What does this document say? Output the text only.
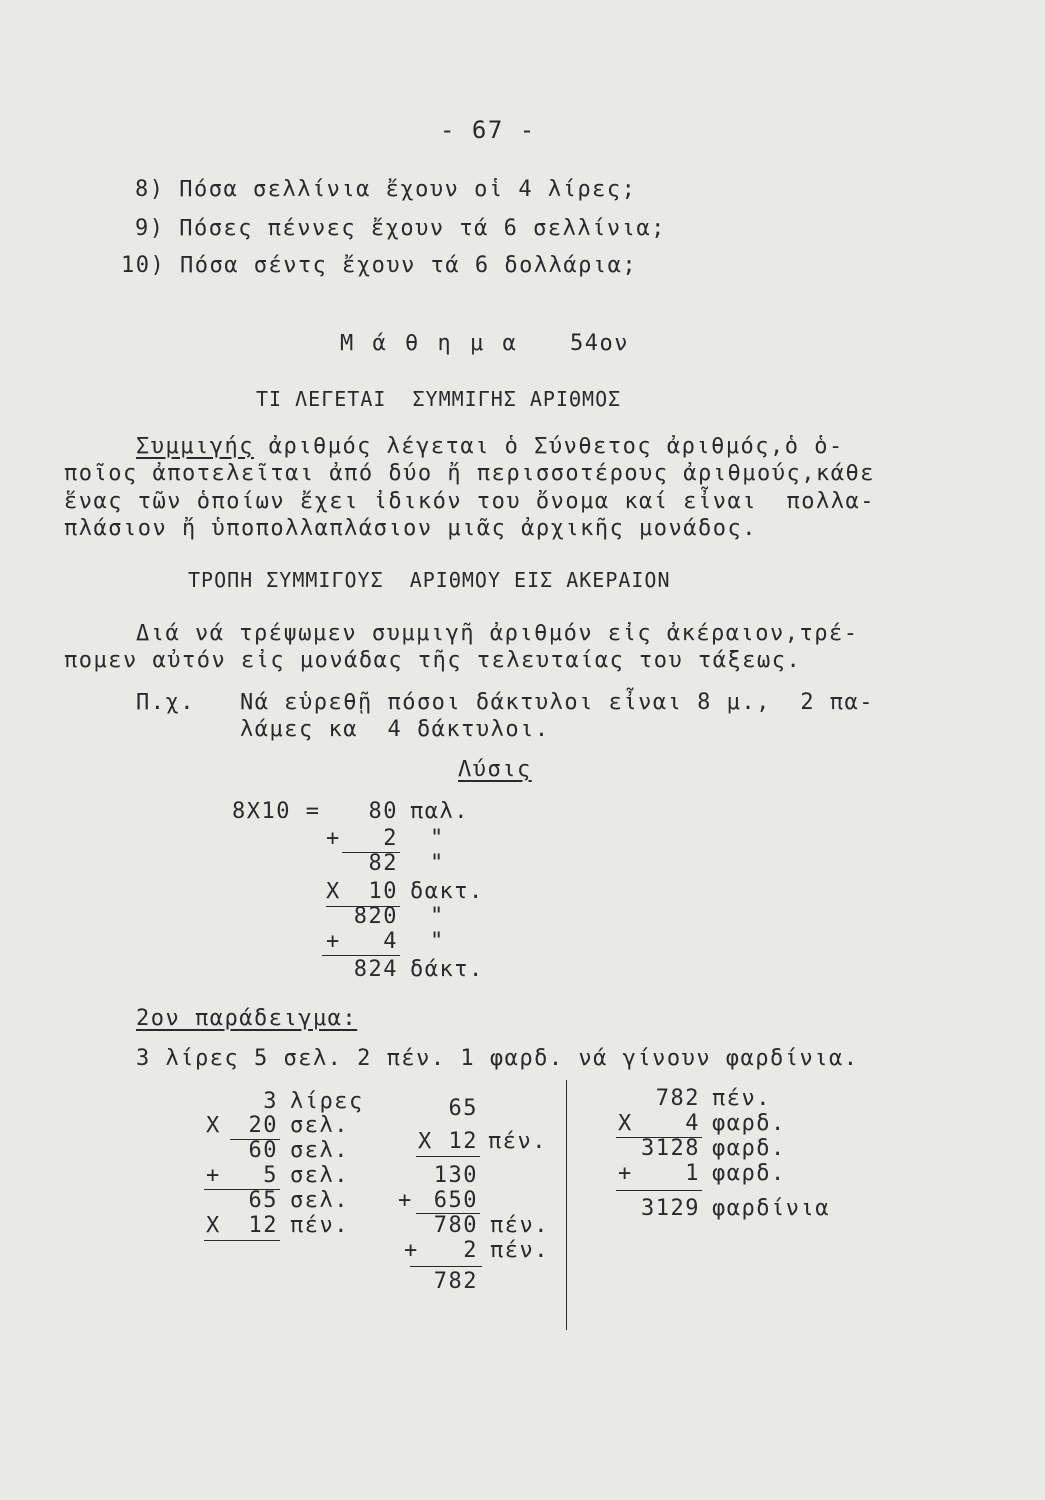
- 67 -
8) Πόσα σελλίνια ἔχουν οἱ 4 λίρες;
9) Πόσες πέννες ἔχουν τά 6 σελλίνια;
10) Πόσα σέντς ἔχουν τά 6 δολλάρια;
Μ ά θ η μ α 54ον
ΤΙ ΛΕΓΕΤΑΙ  ΣΥΜΜΙΓΗΣ ΑΡΙΘΜΟΣ
Συμμιγής ἀριθμός λέγεται ὁ Σύνθετος ἀριθμός,ὁ ὁ-
ποῖος ἀποτελεῖται ἀπό δύο ἤ περισσοτέρους ἀριθμούς,κάθε
ἕνας τῶν ὁποίων ἔχει ἰδικόν του ὄνομα καί εἶναι  πολλα-
πλάσιον ἤ ὑποπολλαπλάσιον μιᾶς ἀρχικῆς μονάδος.
ΤΡΟΠΗ ΣΥΜΜΙΓΟΥΣ  ΑΡΙΘΜΟΥ ΕΙΣ ΑΚΕΡΑΙΟΝ
Διά νά τρέψωμεν συμμιγῆ ἀριθμόν εἰς ἀκέραιον,τρέ-
πομεν αὐτόν εἰς μονάδας τῆς τελευταίας του τάξεως.
Π.χ. Νά εὑρεθῇ πόσοι δάκτυλοι εἶναι 8 μ.,  2 πα-
λάμες κα  4 δάκτυλοι.
Λύσις
8Χ10 =	80 παλ.
+	2 "
82 "
Χ	10 δακτ.
820 "
+	4 "
824 δάκτ.
2ον παράδειγμα:
3 λίρες 5 σελ. 2 πέν. 1 φαρδ. νά γίνουν φαρδίνια.
3 λίρες
Χ	20 σελ.
60 σελ.
+	5 σελ.
65 σελ.
Χ	12 πέν.
65
Χ 12 πέν.
130
+ 650
780 πέν.
+	2 πέν.
782
782 πέν.
Χ	4 φαρδ.
3128 φαρδ.
+	1 φαρδ.
3129 φαρδίνια
